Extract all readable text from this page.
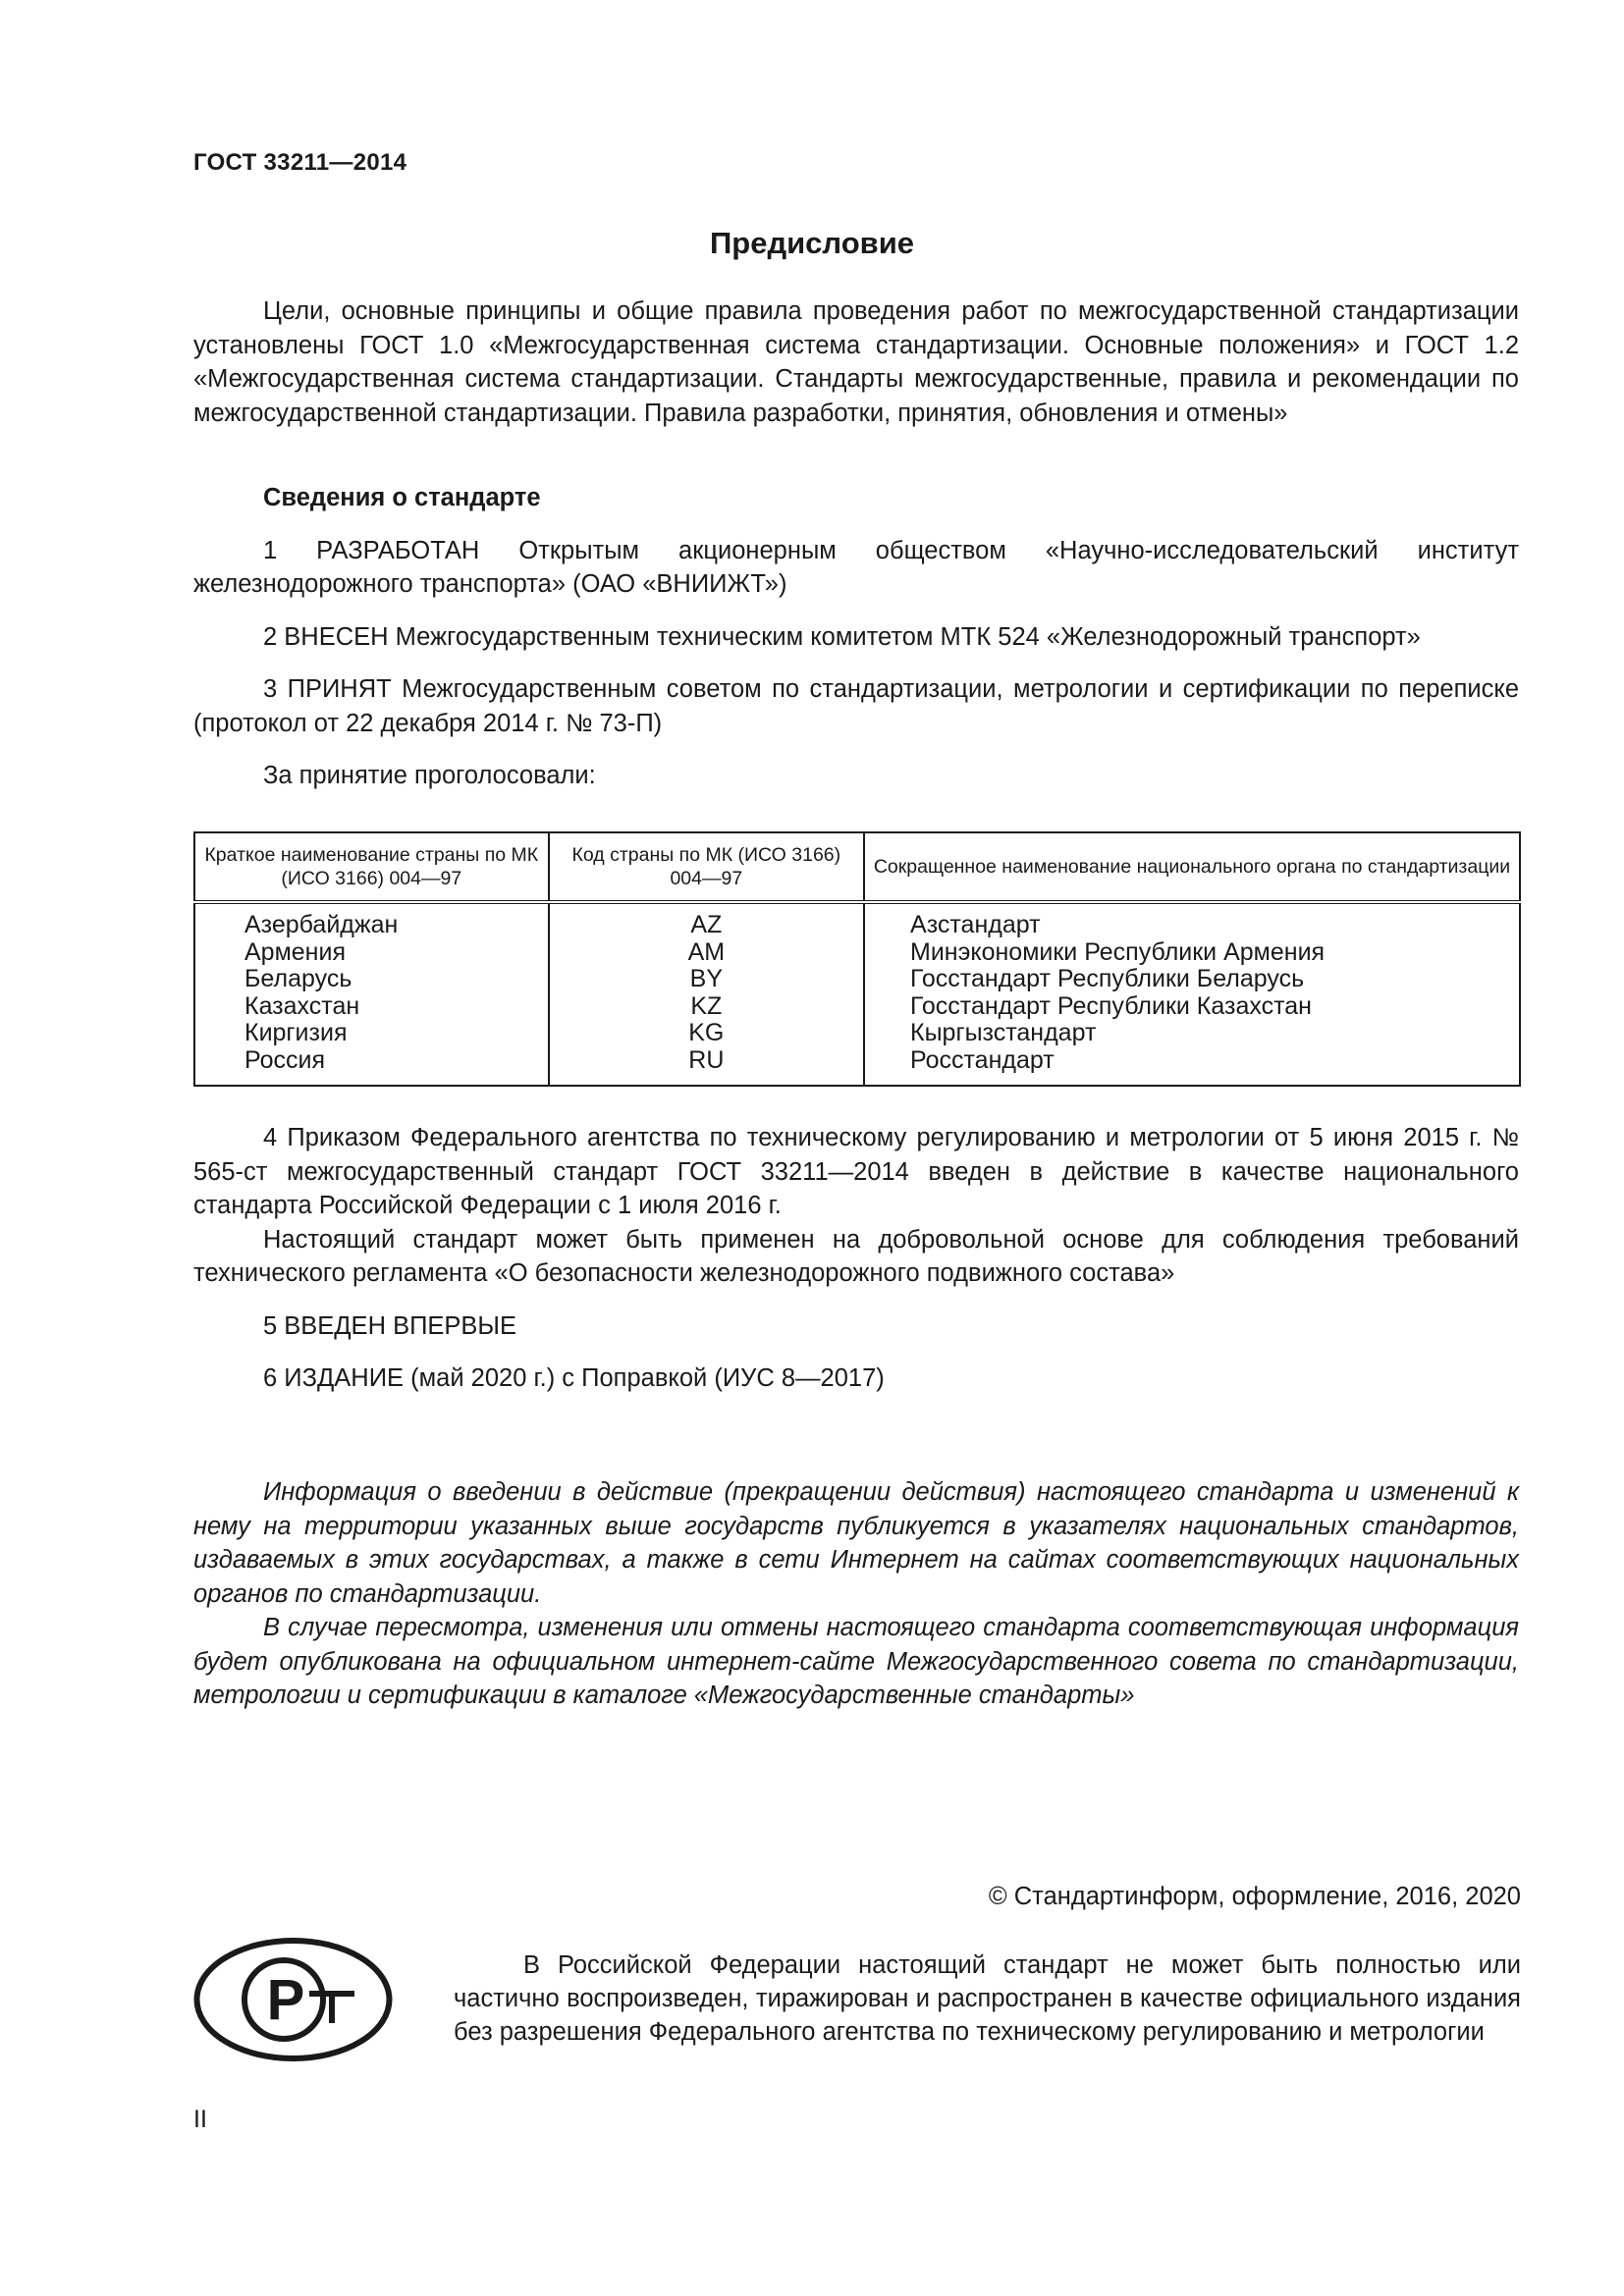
ГОСТ 33211—2014
Предисловие

Цели, основные принципы и общие правила проведения работ по межгосударственной стандартизации установлены ГОСТ 1.0 «Межгосударственная система стандартизации. Основные положения» и ГОСТ 1.2 «Межгосударственная система стандартизации. Стандарты межгосударственные, правила и рекомендации по межгосударственной стандартизации. Правила разработки, принятия, обновления и отмены»

Сведения о стандарте

1 РАЗРАБОТАН Открытым акционерным обществом «Научно-исследовательский институт железнодорожного транспорта» (ОАО «ВНИИЖТ»)

2 ВНЕСЕН Межгосударственным техническим комитетом МТК 524 «Железнодорожный транспорт»

3 ПРИНЯТ Межгосударственным советом по стандартизации, метрологии и сертификации по переписке (протокол от 22 декабря 2014 г. № 73-П)

За принятие проголосовали:

Краткое наименование страны по МК (ИСО 3166) 004—97	Код страны по МК (ИСО 3166) 004—97	Сокращенное наименование национального органа по стандартизации
Азербайджан	AZ	Азстандарт
Армения	AM	Минэкономики Республики Армения
Беларусь	BY	Госстандарт Республики Беларусь
Казахстан	KZ	Госстандарт Республики Казахстан
Киргизия	KG	Кыргызстандарт
Россия	RU	Росстандарт

4 Приказом Федерального агентства по техническому регулированию и метрологии от 5 июня 2015 г. № 565-ст межгосударственный стандарт ГОСТ 33211—2014 введен в действие в качестве национального стандарта Российской Федерации с 1 июля 2016 г.

Настоящий стандарт может быть применен на добровольной основе для соблюдения требований технического регламента «О безопасности железнодорожного подвижного состава»

5 ВВЕДЕН ВПЕРВЫЕ

6 ИЗДАНИЕ (май 2020 г.) с Поправкой (ИУС 8—2017)

Информация о введении в действие (прекращении действия) настоящего стандарта и изменений к нему на территории указанных выше государств публикуется в указателях национальных стандартов, издаваемых в этих государствах, а также в сети Интернет на сайтах соответствующих национальных органов по стандартизации.

В случае пересмотра, изменения или отмены настоящего стандарта соответствующая информация будет опубликована на официальном интернет-сайте Межгосударственного совета по стандартизации, метрологии и сертификации в каталоге «Межгосударственные стандарты»

© Стандартинформ, оформление, 2016, 2020
Р

В Российской Федерации настоящий стандарт не может быть полностью или частично воспроизведен, тиражирован и распространен в качестве официального издания без разрешения Федерального агентства по техническому регулированию и метрологии

II
